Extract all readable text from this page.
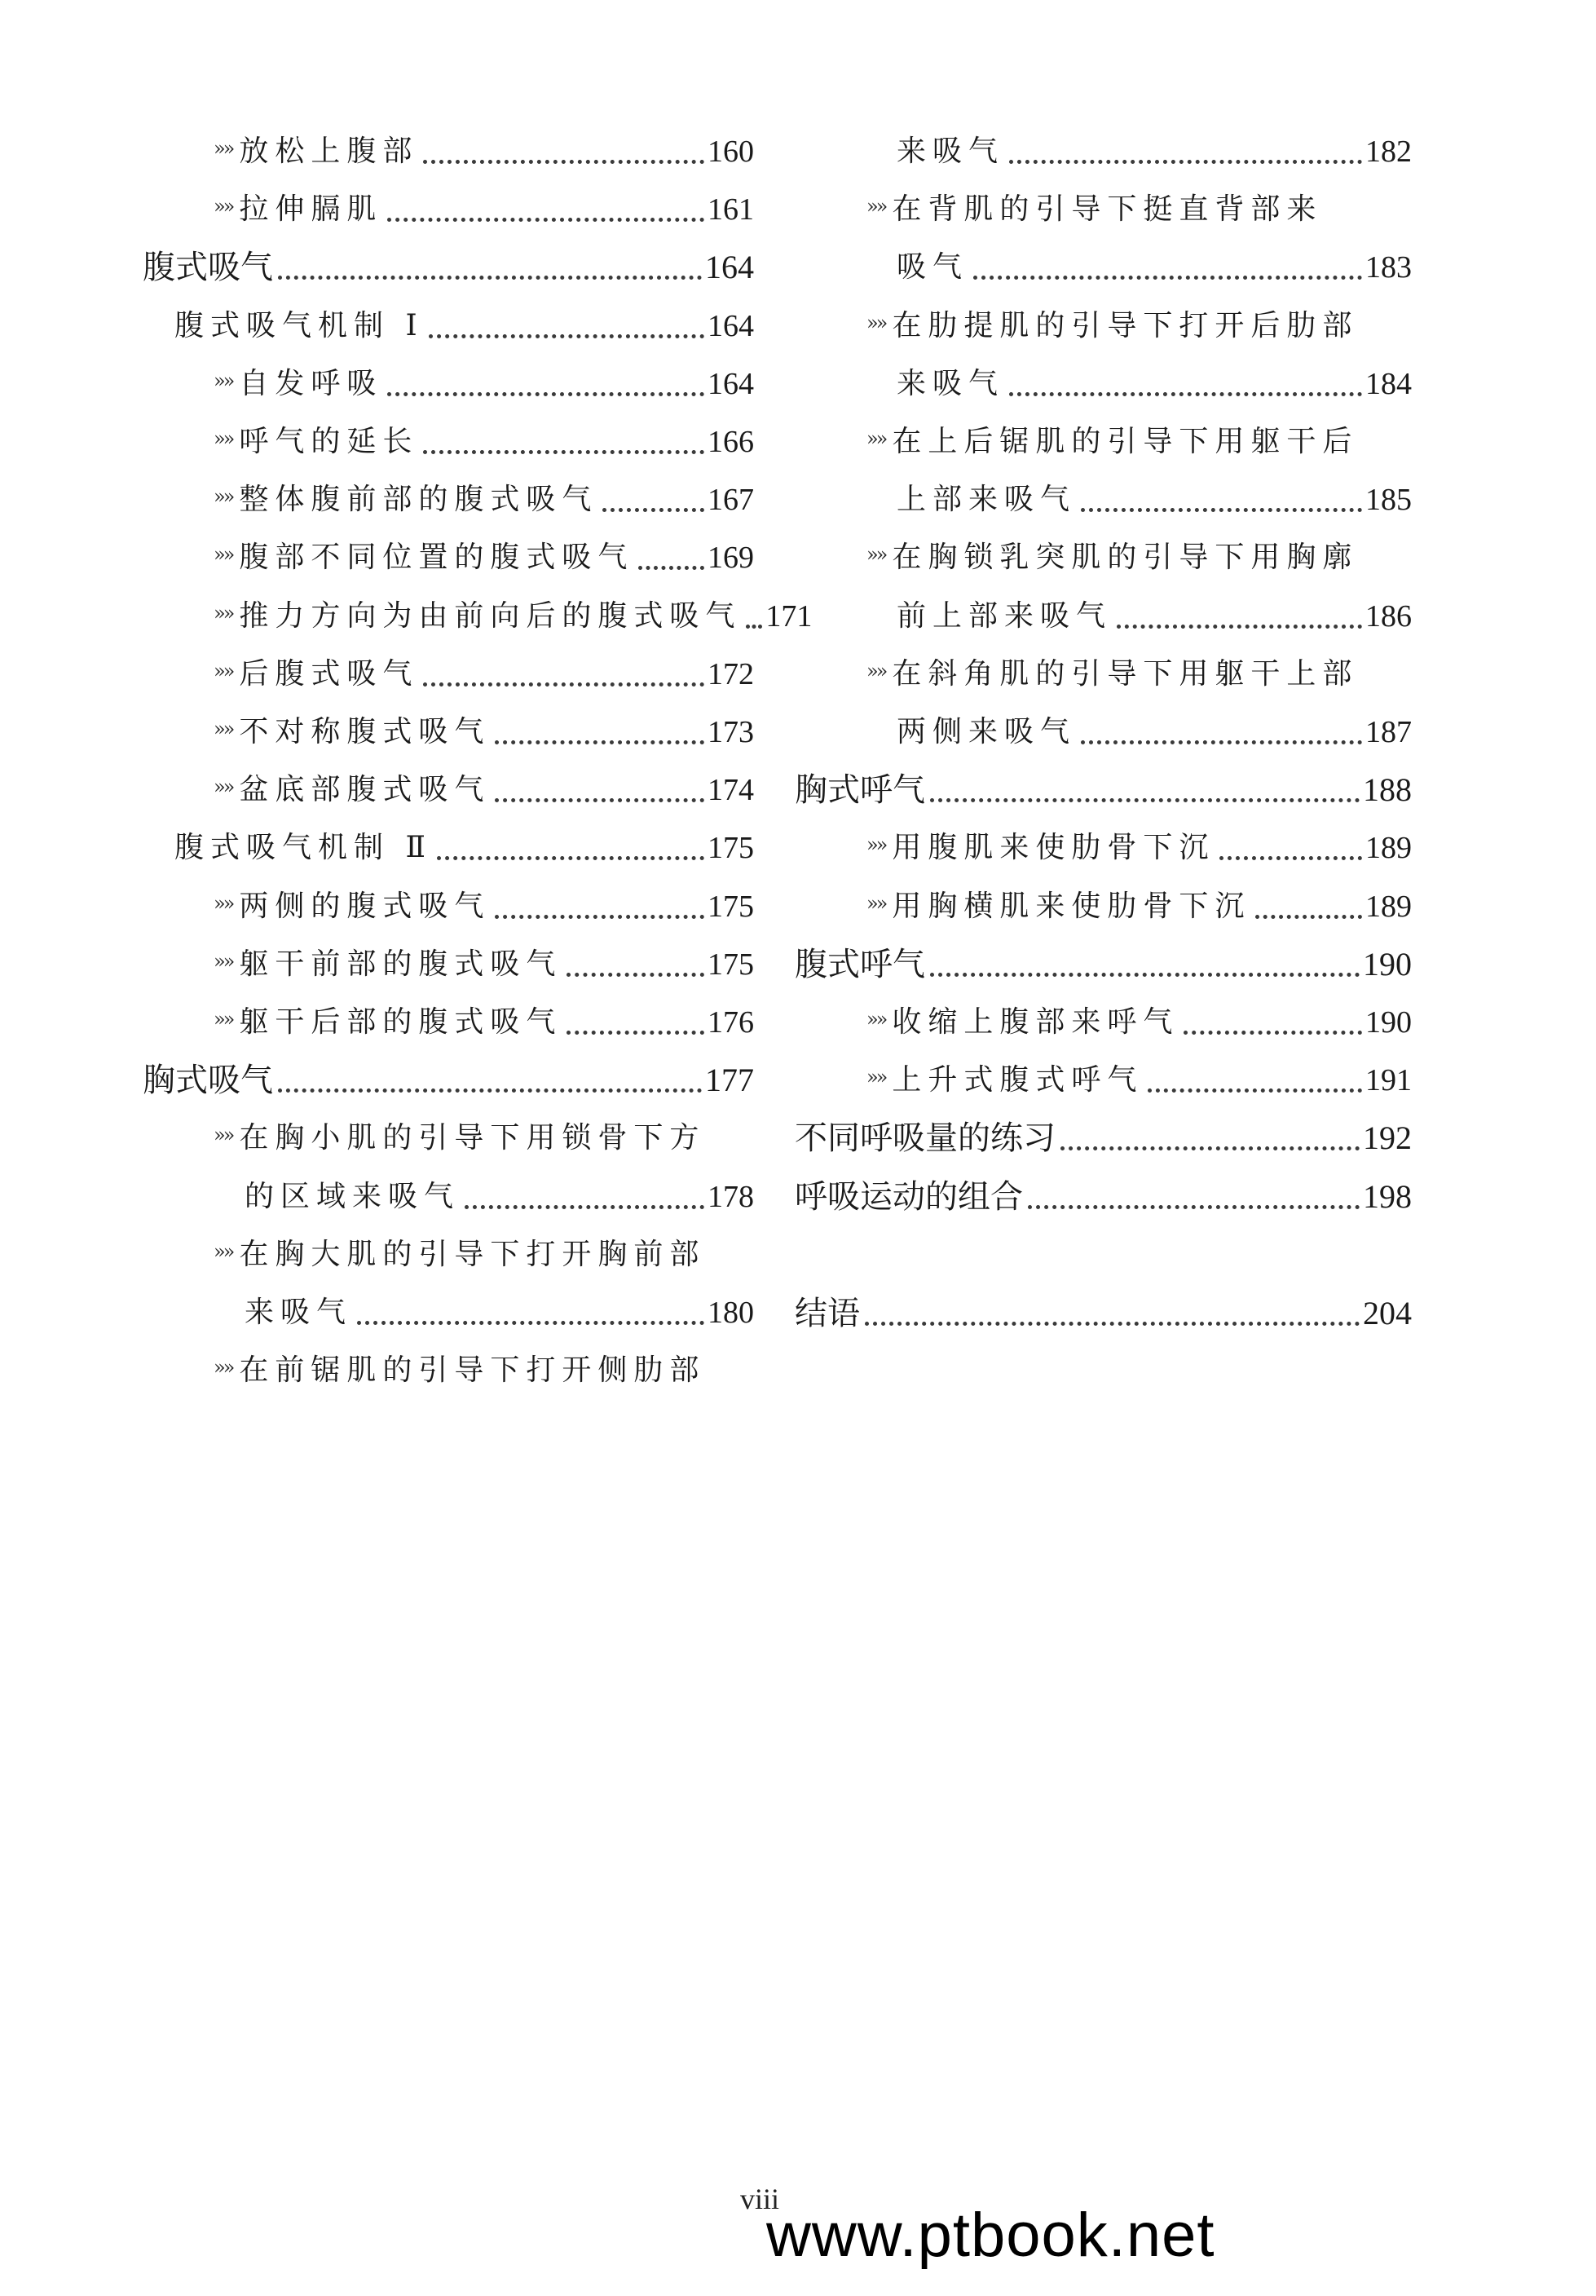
»» 放松上腹部	160
»» 拉伸膈肌	161
腹式吸气	164
腹式吸气机制 I	164
»» 自发呼吸	164
»» 呼气的延长	166
»» 整体腹前部的腹式吸气	167
»» 腹部不同位置的腹式吸气 169
»» 推力方向为由前向后的腹式吸气 171
»» 后腹式吸气	172
»» 不对称腹式吸气	173
»» 盆底部腹式吸气	174
腹式吸气机制 Ⅱ	175
»» 两侧的腹式吸气	175
»» 躯干前部的腹式吸气	175
»» 躯干后部的腹式吸气	176
胸式吸气	177
»» 在胸小肌的引导下用锁骨下方
的区域来吸气	178
»» 在胸大肌的引导下打开胸前部
来吸气	180
»» 在前锯肌的引导下打开侧肋部
来吸气	182
»» 在背肌的引导下挺直背部来
吸气	183
»» 在肋提肌的引导下打开后肋部
来吸气	184
»» 在上后锯肌的引导下用躯干后
上部来吸气	185
»» 在胸锁乳突肌的引导下用胸廓
前上部来吸气	186
»» 在斜角肌的引导下用躯干上部
两侧来吸气	187
胸式呼气	188
»» 用腹肌来使肋骨下沉	189
»» 用胸横肌来使肋骨下沉	189
腹式呼气	190
»» 收缩上腹部来呼气	190
»» 上升式腹式呼气	191
不同呼吸量的练习	192
呼吸运动的组合	198
结语	204
viii
www.ptbook.net
